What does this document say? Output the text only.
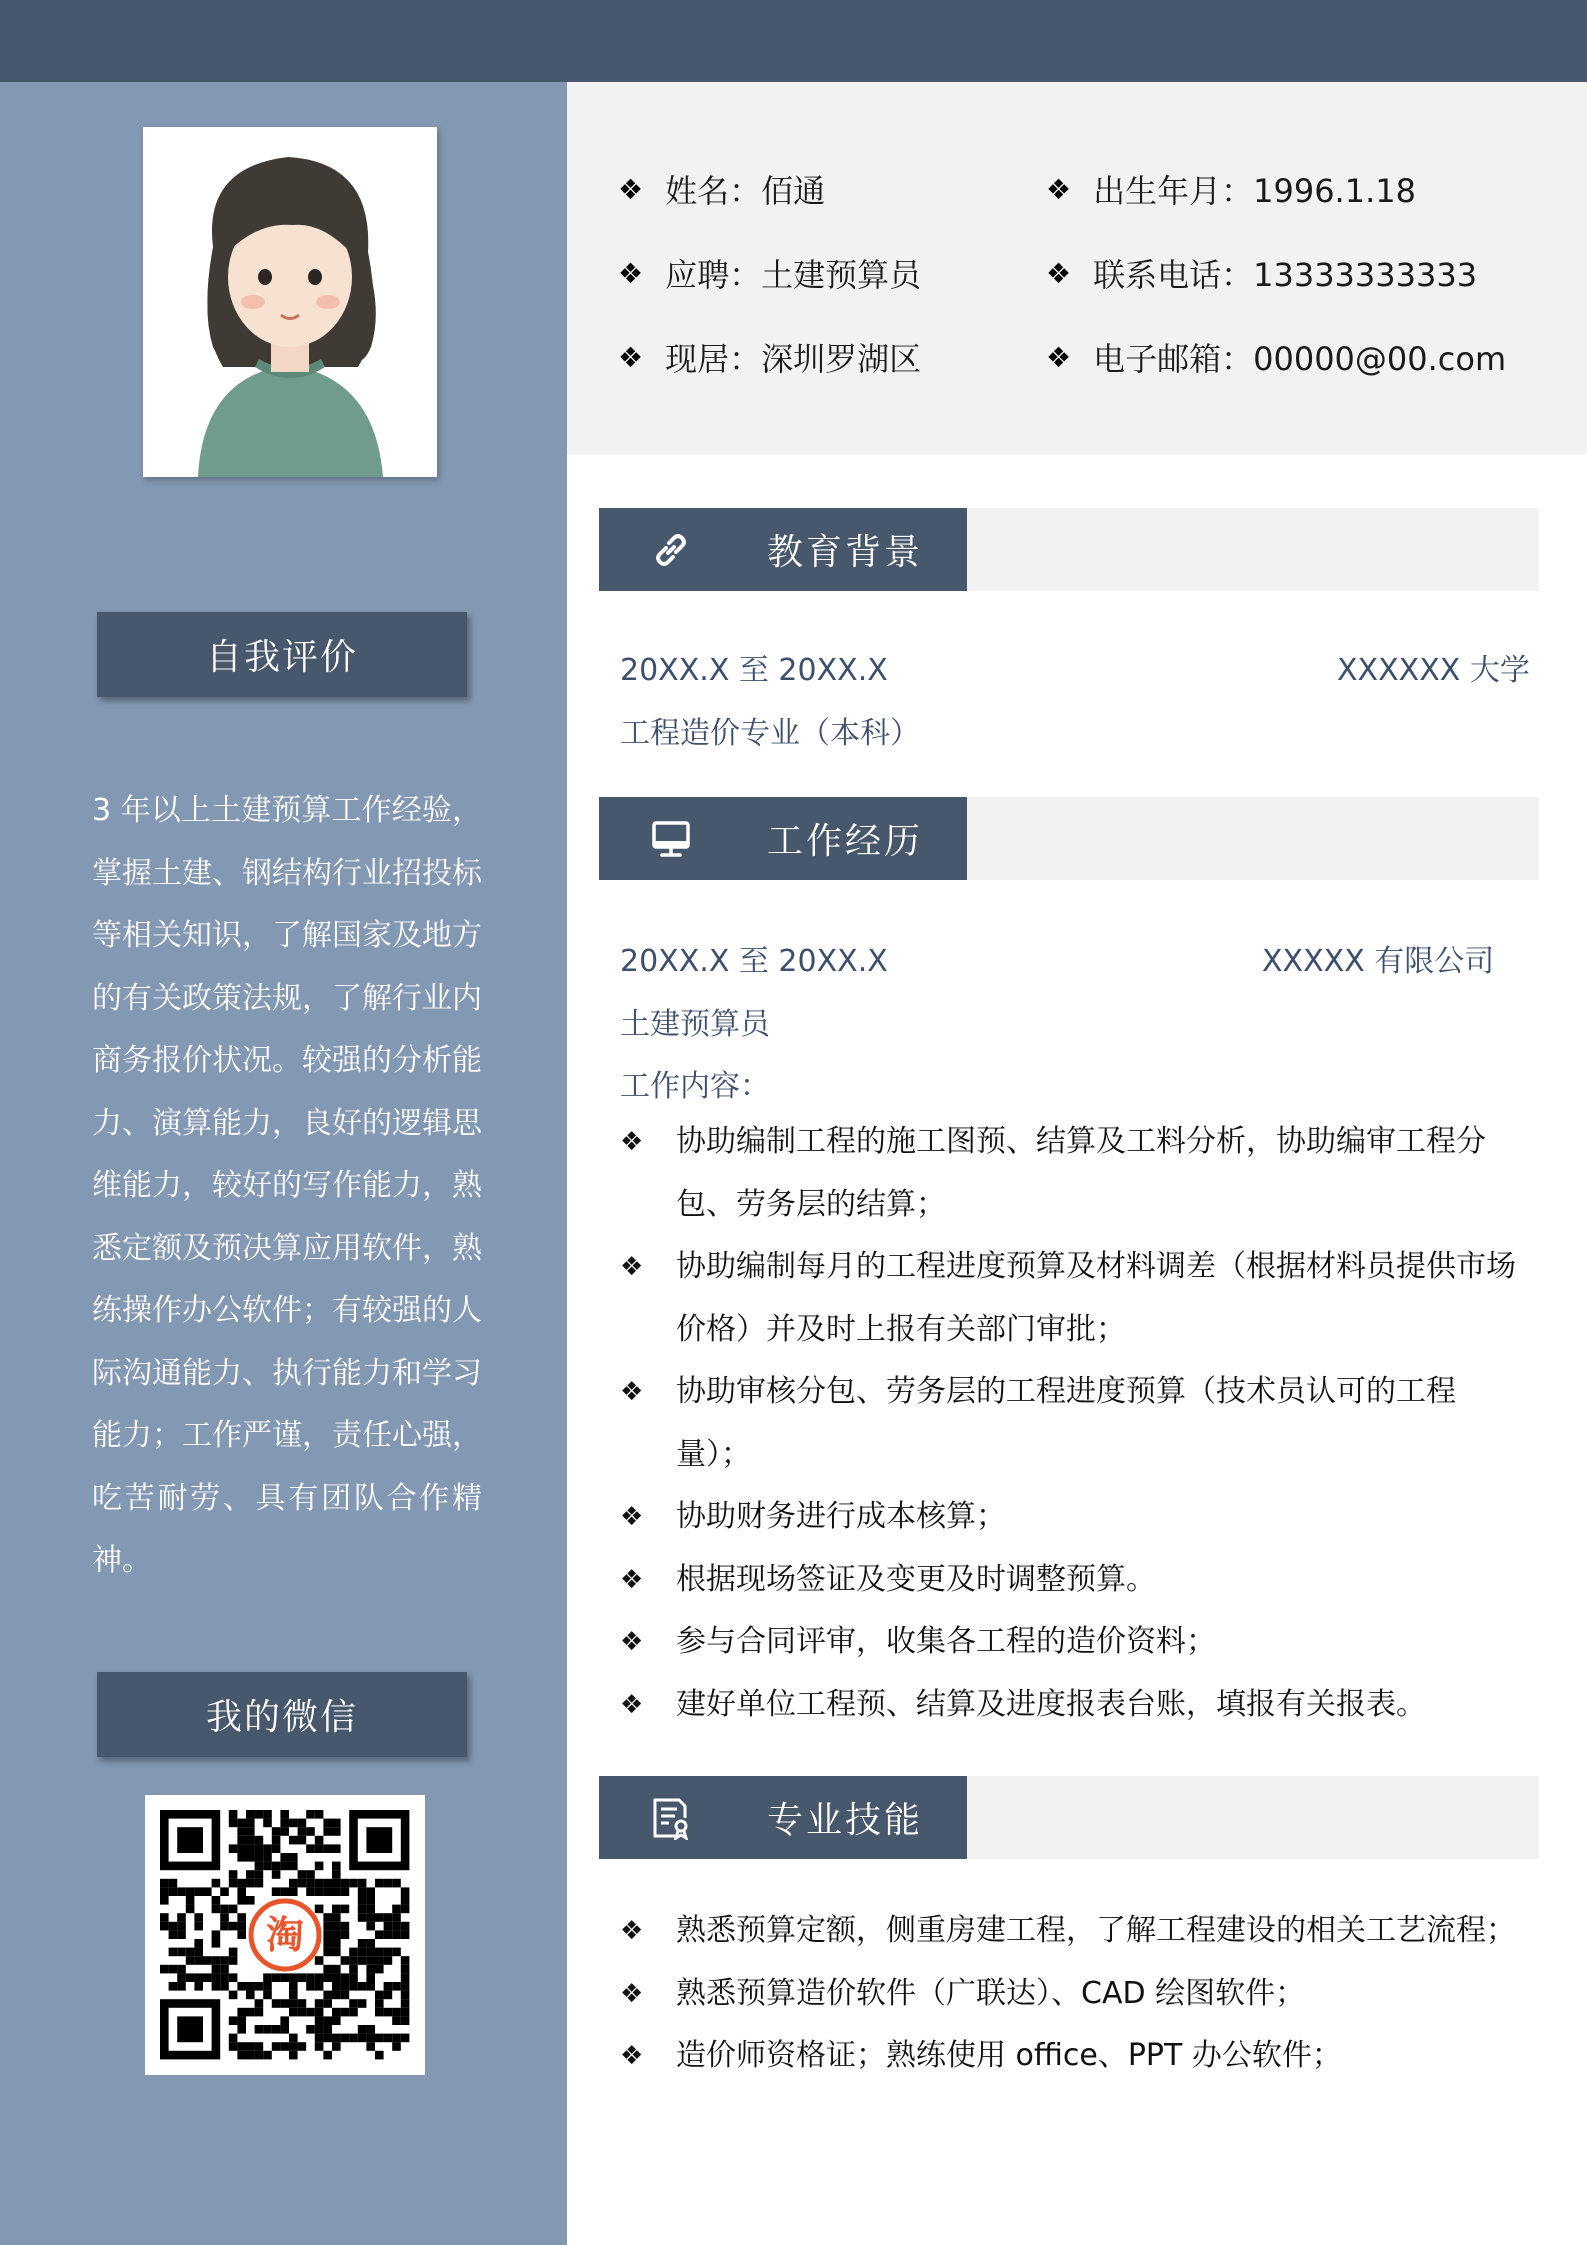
自我评价
3 年以上土建预算工作经验，掌握土建、钢结构行业招投标等相关知识，了解国家及地方的有关政策法规，了解行业内商务报价状况。较强的分析能力、演算能力，良好的逻辑思维能力，较好的写作能力，熟悉定额及预决算应用软件，熟练操作办公软件；有较强的人际沟通能力、执行能力和学习能力；工作严谨，责任心强，吃苦耐劳、具有团队合作精神。
我的微信
淘
❖ 姓名：佰通	❖ 出生年月：1996.1.18
❖ 应聘：土建预算员	❖ 联系电话：13333333333
❖ 现居：深圳罗湖区	❖ 电子邮箱：00000@00.com
教育背景
20XX.X 至 20XX.X	XXXXXX 大学
工程造价专业（本科）
工作经历
20XX.X 至 20XX.X	XXXXX 有限公司
土建预算员
工作内容：
❖ 协助编制工程的施工图预、结算及工料分析，协助编审工程分包、劳务层的结算；
❖ 协助编制每月的工程进度预算及材料调差（根据材料员提供市场价格）并及时上报有关部门审批；
❖ 协助审核分包、劳务层的工程进度预算（技术员认可的工程量）；
❖ 协助财务进行成本核算；
❖ 根据现场签证及变更及时调整预算。
❖ 参与合同评审，收集各工程的造价资料；
❖ 建好单位工程预、结算及进度报表台账，填报有关报表。
专业技能
❖ 熟悉预算定额，侧重房建工程，了解工程建设的相关工艺流程；
❖ 熟悉预算造价软件（广联达）、CAD 绘图软件；
❖ 造价师资格证；熟练使用 office、PPT 办公软件；
